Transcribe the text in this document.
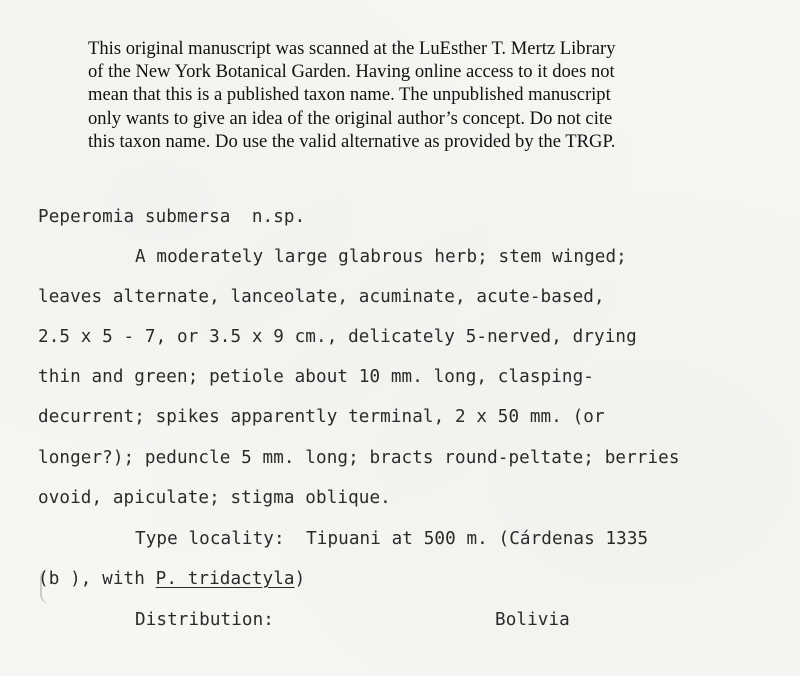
This original manuscript was scanned at the LuEsther T. Mertz Library
of the New York Botanical Garden. Having online access to it does not
mean that this is a published taxon name. The unpublished manuscript
only wants to give an idea of the original author’s concept. Do not cite
this taxon name. Do use the valid alternative as provided by the TRGP.
Peperomia submersa  n.sp.
A moderately large glabrous herb; stem winged;
leaves alternate, lanceolate, acuminate, acute-based,
2.5 x 5 - 7, or 3.5 x 9 cm., delicately 5-nerved, drying
thin and green; petiole about 10 mm. long, clasping-
decurrent; spikes apparently terminal, 2 x 50 mm. (or
longer?); peduncle 5 mm. long; bracts round-peltate; berries
ovoid, apiculate; stigma oblique.
Type locality:  Tipuani at 500 m. (Cárdenas 1335
(b ), with P. tridactyla)
Distribution:	Bolivia
